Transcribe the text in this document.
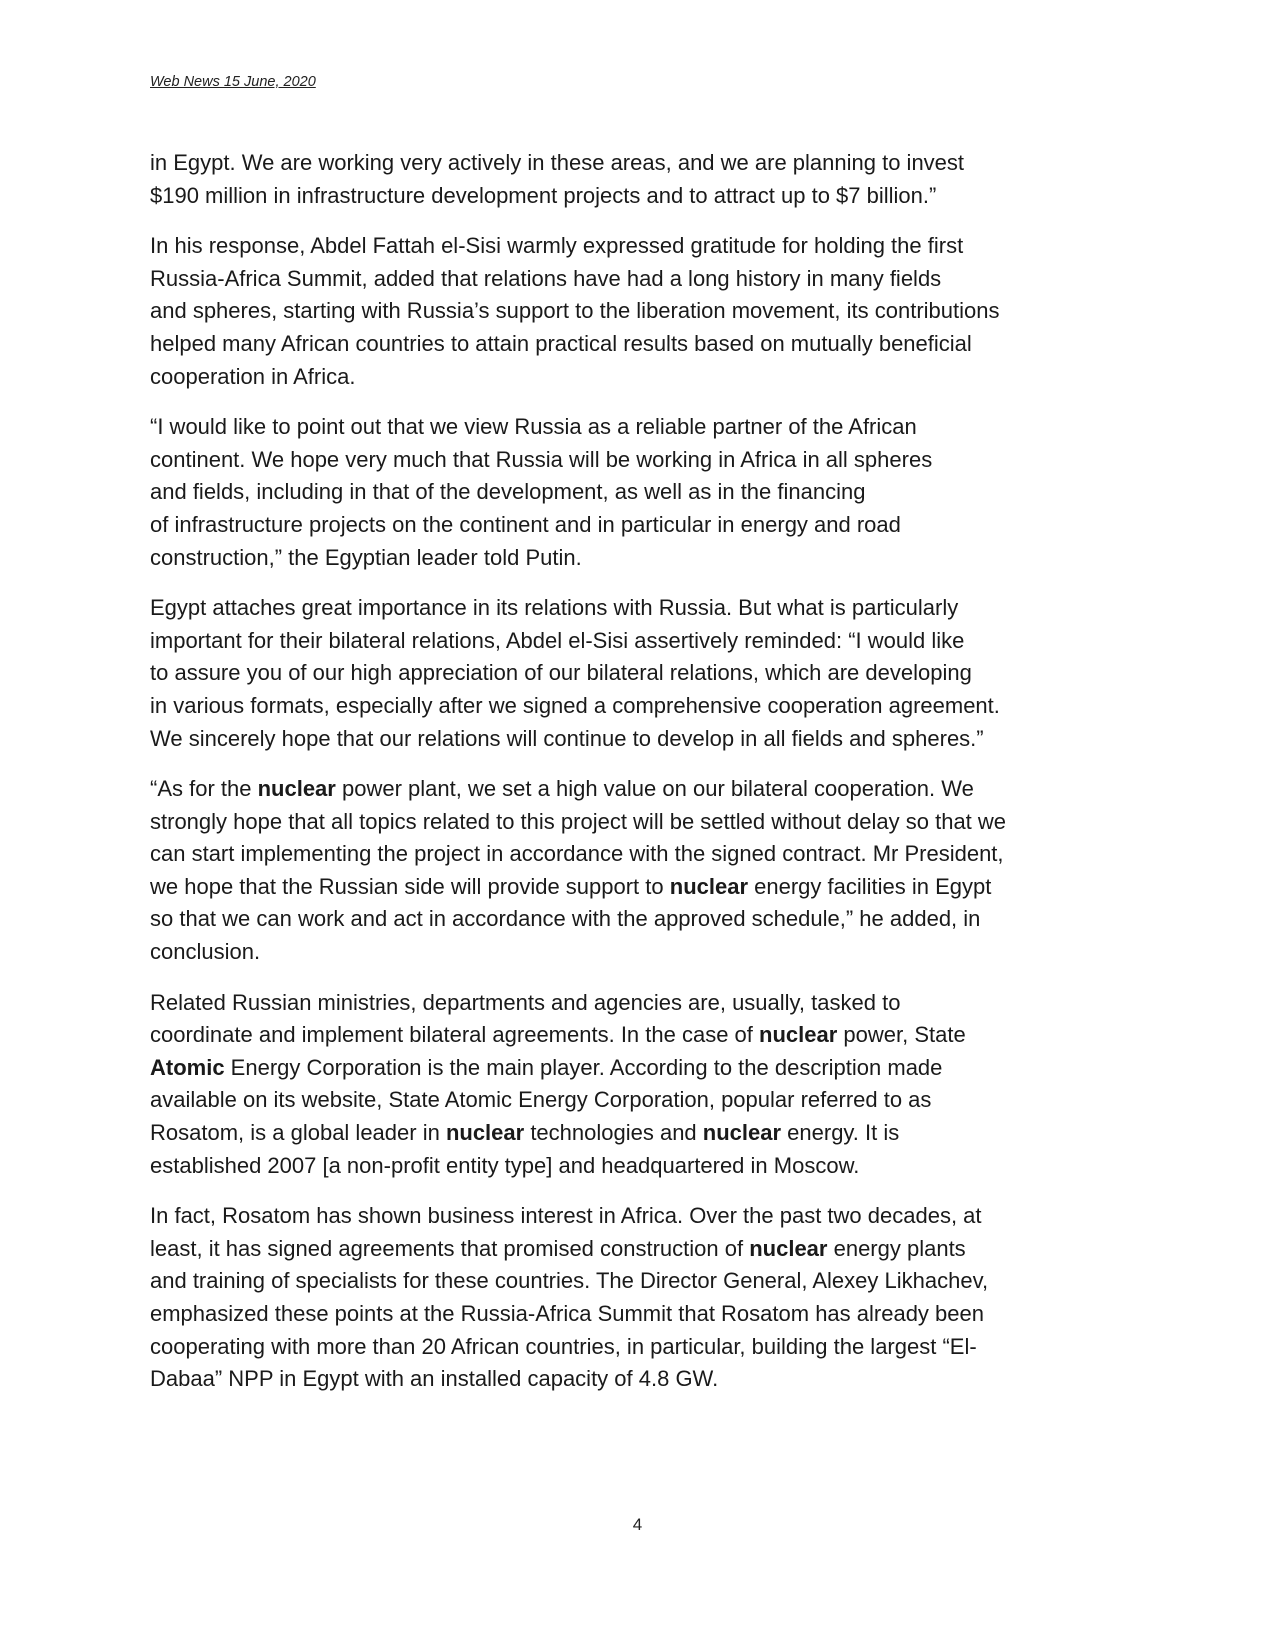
Web News 15 June, 2020

in Egypt. We are working very actively in these areas, and we are planning to invest
$190 million in infrastructure development projects and to attract up to $7 billion.”

In his response, Abdel Fattah el-Sisi warmly expressed gratitude for holding the first
Russia-Africa Summit, added that relations have had a long history in many fields
and spheres, starting with Russia’s support to the liberation movement, its contributions
helped many African countries to attain practical results based on mutually beneficial
cooperation in Africa.

“I would like to point out that we view Russia as a reliable partner of the African
continent. We hope very much that Russia will be working in Africa in all spheres
and fields, including in that of the development, as well as in the financing
of infrastructure projects on the continent and in particular in energy and road
construction,” the Egyptian leader told Putin.

Egypt attaches great importance in its relations with Russia. But what is particularly
important for their bilateral relations, Abdel el-Sisi assertively reminded: “I would like
to assure you of our high appreciation of our bilateral relations, which are developing
in various formats, especially after we signed a comprehensive cooperation agreement.
We sincerely hope that our relations will continue to develop in all fields and spheres.”

“As for the nuclear power plant, we set a high value on our bilateral cooperation. We
strongly hope that all topics related to this project will be settled without delay so that we
can start implementing the project in accordance with the signed contract. Mr President,
we hope that the Russian side will provide support to nuclear energy facilities in Egypt
so that we can work and act in accordance with the approved schedule,” he added, in
conclusion.

Related Russian ministries, departments and agencies are, usually, tasked to
coordinate and implement bilateral agreements. In the case of nuclear power, State
Atomic Energy Corporation is the main player. According to the description made
available on its website, State Atomic Energy Corporation, popular referred to as
Rosatom, is a global leader in nuclear technologies and nuclear energy. It is
established 2007 [a non-profit entity type] and headquartered in Moscow.

In fact, Rosatom has shown business interest in Africa. Over the past two decades, at
least, it has signed agreements that promised construction of nuclear energy plants
and training of specialists for these countries. The Director General, Alexey Likhachev,
emphasized these points at the Russia-Africa Summit that Rosatom has already been
cooperating with more than 20 African countries, in particular, building the largest “El-
Dabaa” NPP in Egypt with an installed capacity of 4.8 GW.

4
